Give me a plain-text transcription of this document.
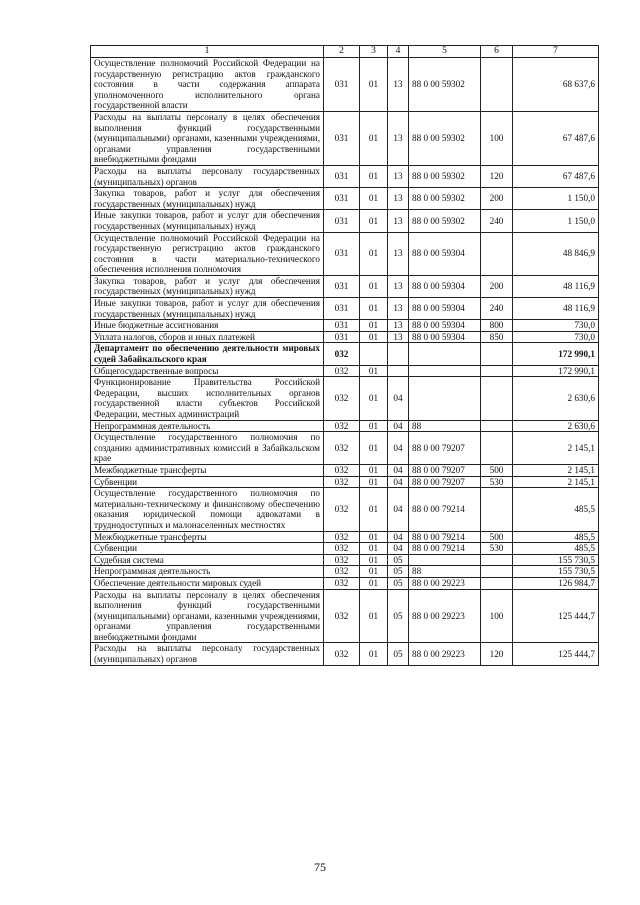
1	2	3	4	5	6	7
Осуществление полномочий Российской Федерации на государственную регистрацию актов гражданского состояния в части содержания аппарата уполномоченного исполнительного органа государственной власти	031	01	13	88 0 00 59302		68 637,6
Расходы на выплаты персоналу в целях обеспечения выполнения функций государственными (муниципальными) органами, казенными учреждениями, органами управления государственными внебюджетными фондами	031	01	13	88 0 00 59302	100	67 487,6
Расходы на выплаты персоналу государственных (муниципальных) органов	031	01	13	88 0 00 59302	120	67 487,6
Закупка товаров, работ и услуг для обеспечения государственных (муниципальных) нужд	031	01	13	88 0 00 59302	200	1 150,0
Иные закупки товаров, работ и услуг для обеспечения государственных (муниципальных) нужд	031	01	13	88 0 00 59302	240	1 150,0
Осуществление полномочий Российской Федерации на государственную регистрацию актов гражданского состояния в части материально-технического обеспечения исполнения полномочия	031	01	13	88 0 00 59304		48 846,9
Закупка товаров, работ и услуг для обеспечения государственных (муниципальных) нужд	031	01	13	88 0 00 59304	200	48 116,9
Иные закупки товаров, работ и услуг для обеспечения государственных (муниципальных) нужд	031	01	13	88 0 00 59304	240	48 116,9
Иные бюджетные ассигнования	031	01	13	88 0 00 59304	800	730,0
Уплата налогов, сборов и иных платежей	031	01	13	88 0 00 59304	850	730,0
Департамент по обеспечению деятельности мировых судей Забайкальского края	032					172 990,1
Общегосударственные вопросы	032	01				172 990,1
Функционирование Правительства Российской Федерации, высших исполнительных органов государственной власти субъектов Российской Федерации, местных администраций	032	01	04			2 630,6
Непрограммная деятельность	032	01	04	88		2 630,6
Осуществление государственного полномочия по созданию административных комиссий в Забайкальском крае	032	01	04	88 0 00 79207		2 145,1
Межбюджетные трансферты	032	01	04	88 0 00 79207	500	2 145,1
Субвенции	032	01	04	88 0 00 79207	530	2 145,1
Осуществление государственного полномочия по материально-техническому и финансовому обеспечению оказания юридической помощи адвокатами в труднодоступных и малонаселенных местностях	032	01	04	88 0 00 79214		485,5
Межбюджетные трансферты	032	01	04	88 0 00 79214	500	485,5
Субвенции	032	01	04	88 0 00 79214	530	485,5
Судебная система	032	01	05			155 730,5
Непрограммная деятельность	032	01	05	88		155 730,5
Обеспечение деятельности мировых судей	032	01	05	88 0 00 29223		126 984,7
Расходы на выплаты персоналу в целях обеспечения выполнения функций государственными (муниципальными) органами, казенными учреждениями, органами управления государственными внебюджетными фондами	032	01	05	88 0 00 29223	100	125 444,7
Расходы на выплаты персоналу государственных (муниципальных) органов	032	01	05	88 0 00 29223	120	125 444,7
75
